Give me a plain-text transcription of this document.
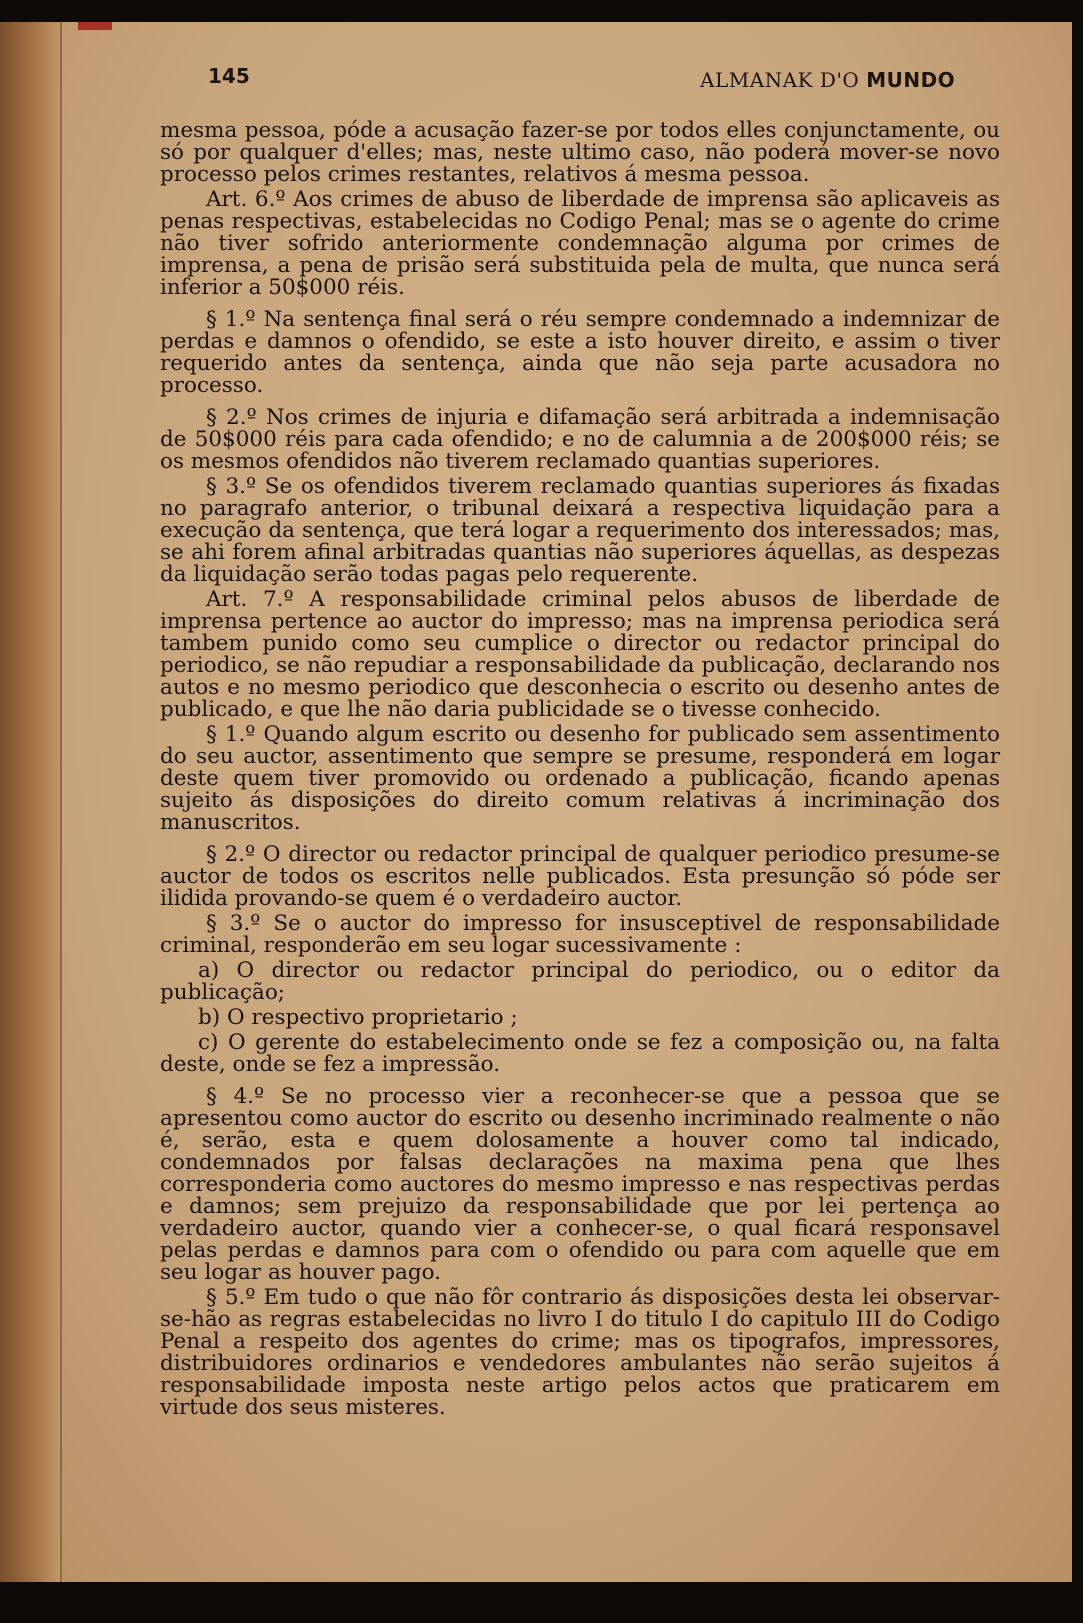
145	ALMANAK D'O MUNDO

mesma pessoa, póde a acusação fazer-se por todos elles conjunctamente, ou só por qualquer d'elles; mas, neste ultimo caso, não poderá mover-se novo processo pelos crimes restantes, relativos á mesma pessoa.

Art. 6.º Aos crimes de abuso de liberdade de imprensa são aplicaveis as penas respectivas, estabelecidas no Codigo Penal; mas se o agente do crime não tiver sofrido anteriormente condemnação alguma por crimes de imprensa, a pena de prisão será substituida pela de multa, que nunca será inferior a 50$000 réis.

§ 1.º Na sentença final será o réu sempre condemnado a indemnizar de perdas e damnos o ofendido, se este a isto houver direito, e assim o tiver requerido antes da sentença, ainda que não seja parte acusadora no processo.

§ 2.º Nos crimes de injuria e difamação será arbitrada a indemnisação de 50$000 réis para cada ofendido; e no de calumnia a de 200$000 réis; se os mesmos ofendidos não tiverem reclamado quantias superiores.

§ 3.º Se os ofendidos tiverem reclamado quantias superiores ás fixadas no paragrafo anterior, o tribunal deixará a respectiva liquidação para a execução da sentença, que terá logar a requerimento dos interessados; mas, se ahi forem afinal arbitradas quantias não superiores áquellas, as despezas da liquidação serão todas pagas pelo requerente.

Art. 7.º A responsabilidade criminal pelos abusos de liberdade de imprensa pertence ao auctor do impresso; mas na imprensa periodica será tambem punido como seu cumplice o director ou redactor principal do periodico, se não repudiar a responsabilidade da publicação, declarando nos autos e no mesmo periodico que desconhecia o escrito ou desenho antes de publicado, e que lhe não daria publicidade se o tivesse conhecido.

§ 1.º Quando algum escrito ou desenho for publicado sem assentimento do seu auctor, assentimento que sempre se presume, responderá em logar deste quem tiver promovido ou ordenado a publicação, ficando apenas sujeito ás disposições do direito comum relativas á incriminação dos manuscritos.

§ 2.º O director ou redactor principal de qualquer periodico presume-se auctor de todos os escritos nelle publicados. Esta presunção só póde ser ilidida provando-se quem é o verdadeiro auctor.

§ 3.º Se o auctor do impresso for insusceptivel de responsabilidade criminal, responderão em seu logar sucessivamente :

a) O director ou redactor principal do periodico, ou o editor da publicação;

b) O respectivo proprietario ;

c) O gerente do estabelecimento onde se fez a composição ou, na falta deste, onde se fez a impressão.

§ 4.º Se no processo vier a reconhecer-se que a pessoa que se apresentou como auctor do escrito ou desenho incriminado realmente o não é, serão, esta e quem dolosamente a houver como tal indicado, condemnados por falsas declarações na maxima pena que lhes corresponderia como auctores do mesmo impresso e nas respectivas perdas e damnos; sem prejuizo da responsabilidade que por lei pertença ao verdadeiro auctor, quando vier a conhecer-se, o qual ficará responsavel pelas perdas e damnos para com o ofendido ou para com aquelle que em seu logar as houver pago.

§ 5.º Em tudo o que não fôr contrario ás disposições desta lei observar-se-hão as regras estabelecidas no livro I do titulo I do capitulo III do Codigo Penal a respeito dos agentes do crime; mas os tipografos, impressores, distribuidores ordinarios e vendedores ambulantes não serão sujeitos á responsabilidade imposta neste artigo pelos actos que praticarem em virtude dos seus misteres.
